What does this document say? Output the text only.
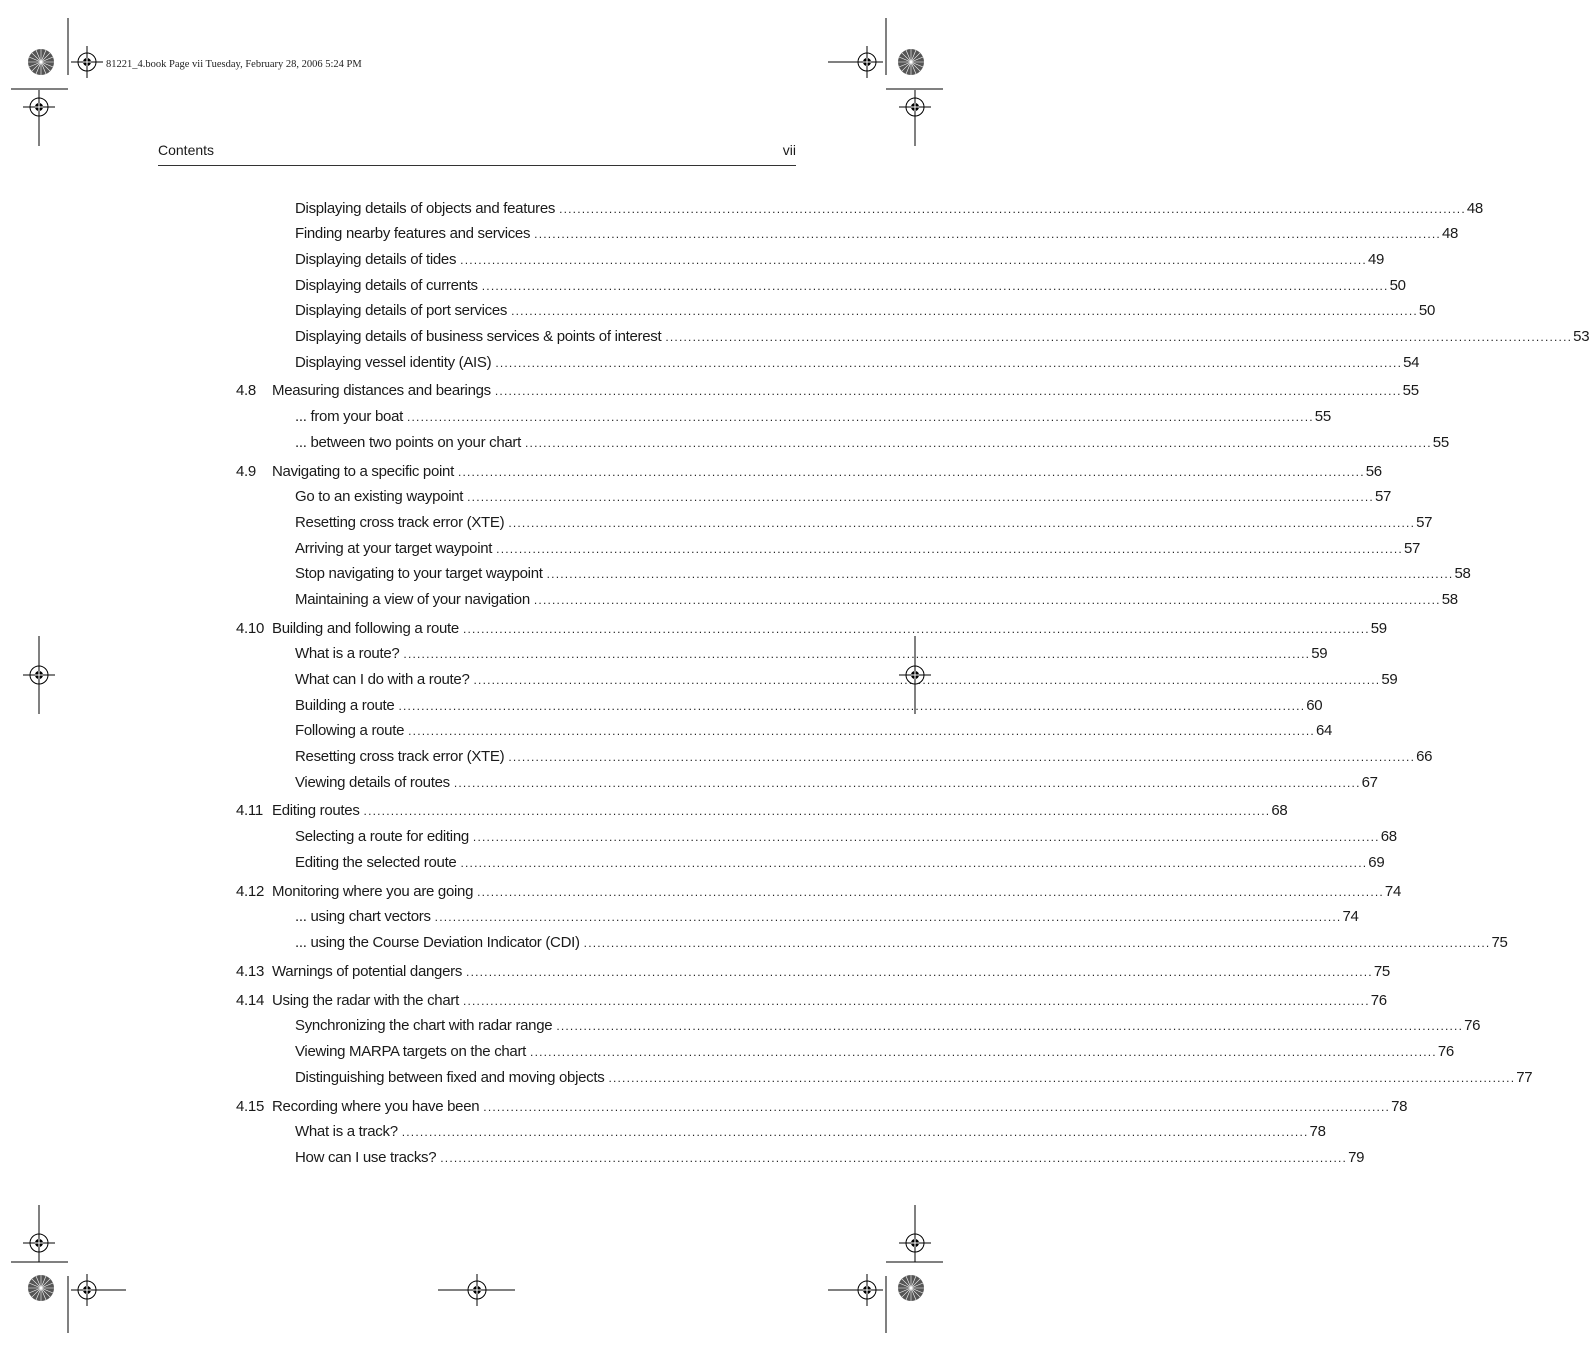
81221_4.book Page vii Tuesday, February 28, 2006 5:24 PM
Contents	vii
Displaying details of objects and features ........................................................................................................................................................................................................ 48
Finding nearby features and services ........................................................................................................................................................................................................ 48
Displaying details of tides ........................................................................................................................................................................................................ 49
Displaying details of currents ........................................................................................................................................................................................................ 50
Displaying details of port services ........................................................................................................................................................................................................ 50
Displaying details of business services & points of interest ........................................................................................................................................................................................................ 53
Displaying vessel identity (AIS) ........................................................................................................................................................................................................ 54
4.8	Measuring distances and bearings ........................................................................................................................................................................................................ 55
... from your boat ........................................................................................................................................................................................................ 55
... between two points on your chart ........................................................................................................................................................................................................ 55
4.9	Navigating to a specific point ........................................................................................................................................................................................................ 56
Go to an existing waypoint ........................................................................................................................................................................................................ 57
Resetting cross track error (XTE) ........................................................................................................................................................................................................ 57
Arriving at your target waypoint ........................................................................................................................................................................................................ 57
Stop navigating to your target waypoint ........................................................................................................................................................................................................ 58
Maintaining a view of your navigation ........................................................................................................................................................................................................ 58
4.10 Building and following a route ........................................................................................................................................................................................................ 59
What is a route? ........................................................................................................................................................................................................ 59
What can I do with a route? ........................................................................................................................................................................................................ 59
Building a route ........................................................................................................................................................................................................ 60
Following a route ........................................................................................................................................................................................................ 64
Resetting cross track error (XTE) ........................................................................................................................................................................................................ 66
Viewing details of routes ........................................................................................................................................................................................................ 67
4.11 Editing routes ........................................................................................................................................................................................................ 68
Selecting a route for editing ........................................................................................................................................................................................................ 68
Editing the selected route ........................................................................................................................................................................................................ 69
4.12 Monitoring where you are going ........................................................................................................................................................................................................ 74
... using chart vectors ........................................................................................................................................................................................................ 74
... using the Course Deviation Indicator (CDI) ........................................................................................................................................................................................................ 75
4.13 Warnings of potential dangers ........................................................................................................................................................................................................ 75
4.14 Using the radar with the chart ........................................................................................................................................................................................................ 76
Synchronizing the chart with radar range ........................................................................................................................................................................................................ 76
Viewing MARPA targets on the chart ........................................................................................................................................................................................................ 76
Distinguishing between fixed and moving objects ........................................................................................................................................................................................................ 77
4.15 Recording where you have been ........................................................................................................................................................................................................ 78
What is a track? ........................................................................................................................................................................................................ 78
How can I use tracks? ........................................................................................................................................................................................................ 79
